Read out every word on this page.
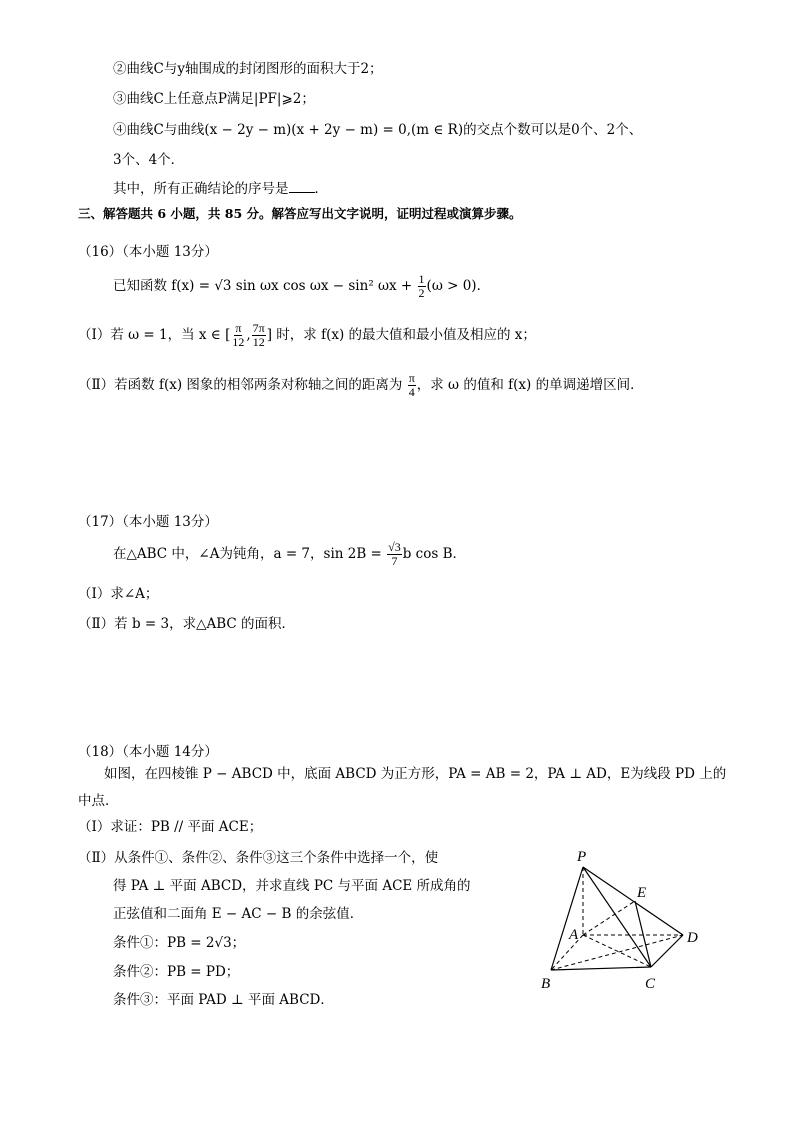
②曲线C与y轴围成的封闭图形的面积大于2；
③曲线C上任意点P满足|PF|⩾2；
④曲线C与曲线(x − 2y − m)(x + 2y − m) = 0,(m ∈ R)的交点个数可以是0个、2个、
3个、4个．
其中，所有正确结论的序号是 ．
三、解答题共 6 小题，共 85 分。解答应写出文字说明，证明过程或演算步骤。
（16）（本小题 13分）
已知函数 f(x) = √3 sin ωx cos ωx − sin² $\omega x + \frac{1}{2} (\omega > 0)$．
（Ⅰ）若 ω = 1，当 x ∈ [ $\frac{\pi}{12}$ , $\frac{7\pi}{12}$ ] 时，求 f(x) 的最大值和最小值及相应的 x；
（Ⅱ）若函数 f(x) 图象的相邻两条对称轴之间的距离为 $\frac{\pi}{4}$ ，求 ω 的值和 f(x) 的单调递增区间．
（17）（本小题 13分）
在△ABC 中，∠A为钝角，a = 7，$\sin 2B = \frac{√3}{7}$ b cos B．
（Ⅰ）求∠A；
（Ⅱ）若 b = 3，求△ABC 的面积．
（18）（本小题 14分）
如图，在四棱锥 P − ABCD 中，底面 ABCD 为正方形，PA = AB = 2，PA ⊥ AD，E为线段 PD 上的
中点．
（Ⅰ）求证：PB // 平面 ACE；
（Ⅱ）从条件①、条件②、条件③这三个条件中选择一个，使
得 PA ⊥ 平面 ABCD，并求直线 PC 与平面 ACE 所成角的
正弦值和二面角 E − AC − B 的余弦值．
条件①：PB = 2√3；
条件②：PB = PD；
条件③：平面 PAD ⊥ 平面 ABCD．
P
E
A	D
B	C
